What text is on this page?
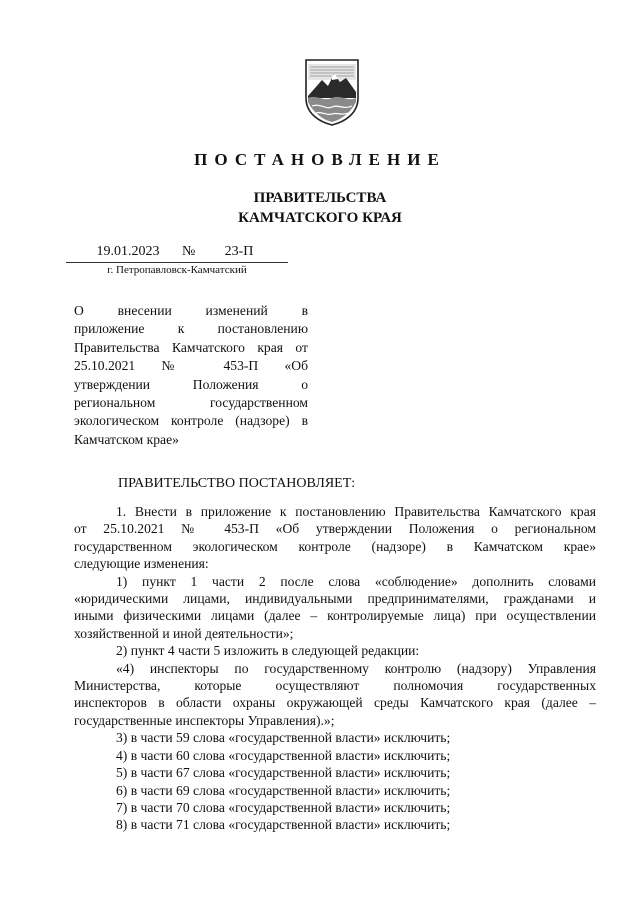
ПОСТАНОВЛЕНИЕ
ПРАВИТЕЛЬСТВА
КАМЧАТСКОГО КРАЯ
19.01.2023	№	23-П
г. Петропавловск-Камчатский
О внесении изменений в
приложение к постановлению
Правительства Камчатского края от
25.10.2021 № 453-П «Об
утверждении Положения о
региональном государственном
экологическом контроле (надзоре) в
Камчатском крае»
ПРАВИТЕЛЬСТВО ПОСТАНОВЛЯЕТ:
1. Внести в приложение к постановлению Правительства Камчатского края
от 25.10.2021 № 453-П «Об утверждении Положения о региональном
государственном экологическом контроле (надзоре) в Камчатском крае»
следующие изменения:
1) пункт 1 части 2 после слова «соблюдение» дополнить словами
«юридическими лицами, индивидуальными предпринимателями, гражданами и
иными физическими лицами (далее – контролируемые лица) при осуществлении
хозяйственной и иной деятельности»;
2) пункт 4 части 5 изложить в следующей редакции:
«4) инспекторы по государственному контролю (надзору) Управления
Министерства, которые осуществляют полномочия государственных
инспекторов в области охраны окружающей среды Камчатского края (далее –
государственные инспекторы Управления).»;
3) в части 59 слова «государственной власти» исключить;
4) в части 60 слова «государственной власти» исключить;
5) в части 67 слова «государственной власти» исключить;
6) в части 69 слова «государственной власти» исключить;
7) в части 70 слова «государственной власти» исключить;
8) в части 71 слова «государственной власти» исключить;
